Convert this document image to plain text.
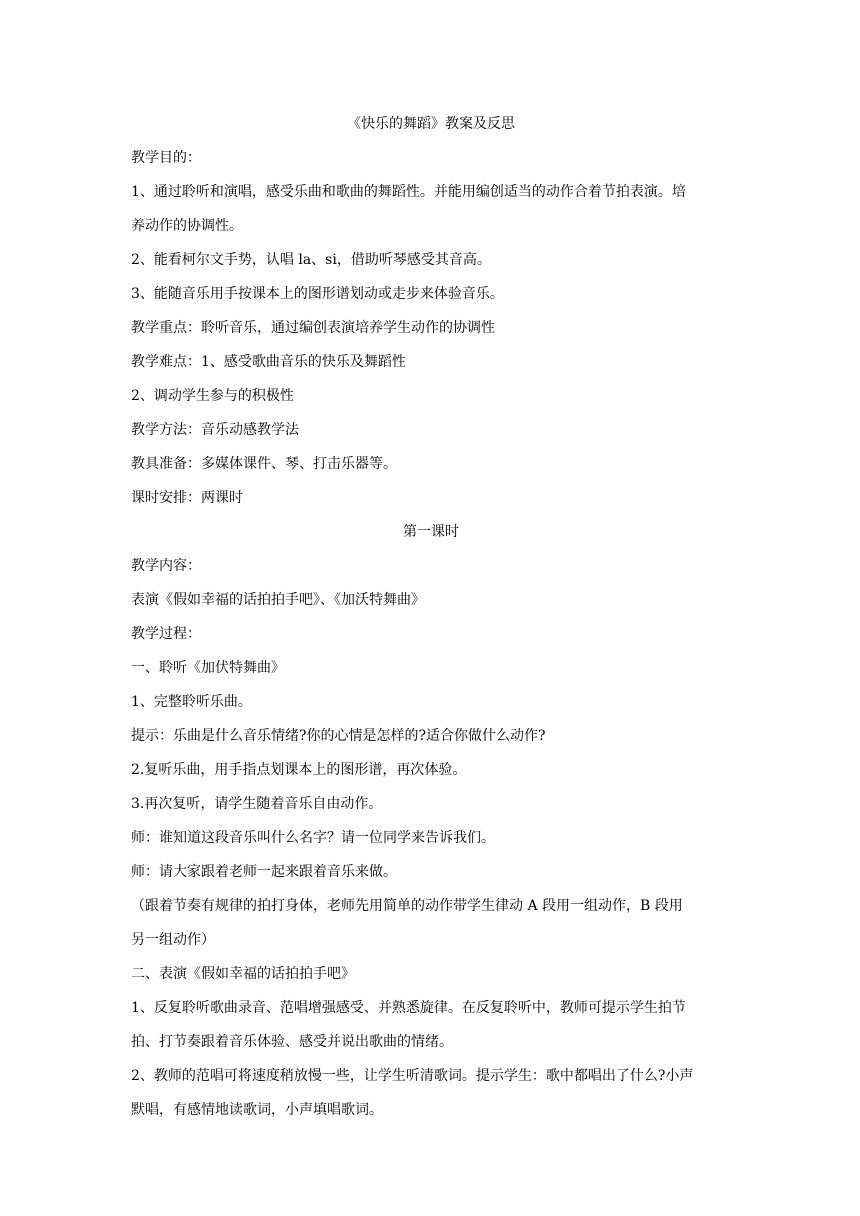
《快乐的舞蹈》教案及反思

教学目的：

1、通过聆听和演唱，感受乐曲和歌曲的舞蹈性。并能用编创适当的动作合着节拍表演。培

养动作的协调性。

2、能看柯尔文手势，认唱 la、si，借助听琴感受其音高。

3、能随音乐用手按课本上的图形谱划动或走步来体验音乐。

教学重点：聆听音乐，通过编创表演培养学生动作的协调性

教学难点：1、感受歌曲音乐的快乐及舞蹈性

2、调动学生参与的积极性

教学方法：音乐动感教学法

教具准备：多媒体课件、琴、打击乐器等。

课时安排：两课时

第一课时

教学内容：

表演《假如幸福的话拍拍手吧》、《加沃特舞曲》

教学过程：

一、聆听《加伏特舞曲》

1、完整聆听乐曲。

提示：乐曲是什么音乐情绪?你的心情是怎样的?适合你做什么动作?

2.复听乐曲，用手指点划课本上的图形谱，再次体验。

3.再次复听，请学生随着音乐自由动作。

师：谁知道这段音乐叫什么名字？请一位同学来告诉我们。

师：请大家跟着老师一起来跟着音乐来做。

（跟着节奏有规律的拍打身体，老师先用简单的动作带学生律动 A 段用一组动作，B 段用

另一组动作）

二、表演《假如幸福的话拍拍手吧》

1、反复聆听歌曲录音、范唱增强感受、并熟悉旋律。在反复聆听中，教师可提示学生拍节

拍、打节奏跟着音乐体验、感受并说出歌曲的情绪。

2、教师的范唱可将速度稍放慢一些，让学生听清歌词。提示学生：歌中都唱出了什么?小声

默唱，有感情地读歌词，小声填唱歌词。
